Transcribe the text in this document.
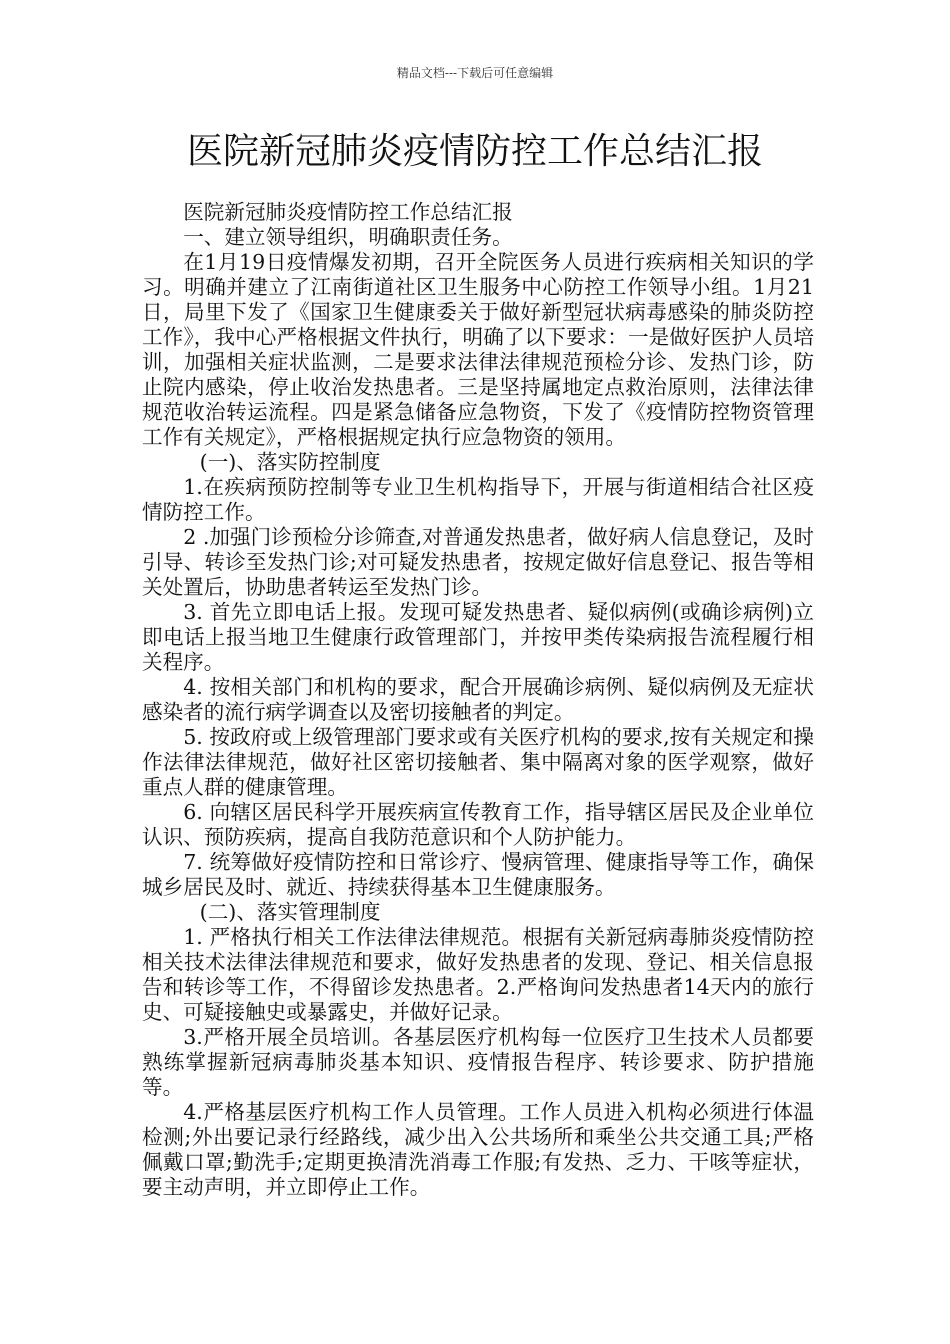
精品文档---下载后可任意编辑
医院新冠肺炎疫情防控工作总结汇报

医院新冠肺炎疫情防控工作总结汇报

一、建立领导组织，明确职责任务。

在1月19日疫情爆发初期，召开全院医务人员进行疾病相关知识的学习。明确并建立了江南街道社区卫生服务中心防控工作领导小组。1月21日，局里下发了《国家卫生健康委关于做好新型冠状病毒感染的肺炎防控工作》，我中心严格根据文件执行，明确了以下要求：一是做好医护人员培训，加强相关症状监测，二是要求法律法律规范预检分诊、发热门诊，防止院内感染，停止收治发热患者。三是坚持属地定点救治原则，法律法律规范收治转运流程。四是紧急储备应急物资，下发了《疫情防控物资管理工作有关规定》，严格根据规定执行应急物资的领用。

(一)、落实防控制度

1.在疾病预防控制等专业卫生机构指导下，开展与街道相结合社区疫情防控工作。

2 .加强门诊预检分诊筛查,对普通发热患者，做好病人信息登记，及时引导、转诊至发热门诊;对可疑发热患者，按规定做好信息登记、报告等相关处置后，协助患者转运至发热门诊。

3. 首先立即电话上报。发现可疑发热患者、疑似病例(或确诊病例)立即电话上报当地卫生健康行政管理部门，并按甲类传染病报告流程履行相关程序。

4. 按相关部门和机构的要求，配合开展确诊病例、疑似病例及无症状感染者的流行病学调查以及密切接触者的判定。

5. 按政府或上级管理部门要求或有关医疗机构的要求,按有关规定和操作法律法律规范，做好社区密切接触者、集中隔离对象的医学观察，做好重点人群的健康管理。

6. 向辖区居民科学开展疾病宣传教育工作，指导辖区居民及企业单位认识、预防疾病，提高自我防范意识和个人防护能力。

7. 统筹做好疫情防控和日常诊疗、慢病管理、健康指导等工作，确保城乡居民及时、就近、持续获得基本卫生健康服务。

(二)、落实管理制度

1. 严格执行相关工作法律法律规范。根据有关新冠病毒肺炎疫情防控相关技术法律法律规范和要求，做好发热患者的发现、登记、相关信息报告和转诊等工作，不得留诊发热患者。2.严格询问发热患者14天内的旅行史、可疑接触史或暴露史，并做好记录。

3.严格开展全员培训。各基层医疗机构每一位医疗卫生技术人员都要熟练掌握新冠病毒肺炎基本知识、疫情报告程序、转诊要求、防护措施等。

4.严格基层医疗机构工作人员管理。工作人员进入机构必须进行体温检测;外出要记录行经路线，减少出入公共场所和乘坐公共交通工具;严格佩戴口罩;勤洗手;定期更换清洗消毒工作服;有发热、乏力、干咳等症状，要主动声明，并立即停止工作。
